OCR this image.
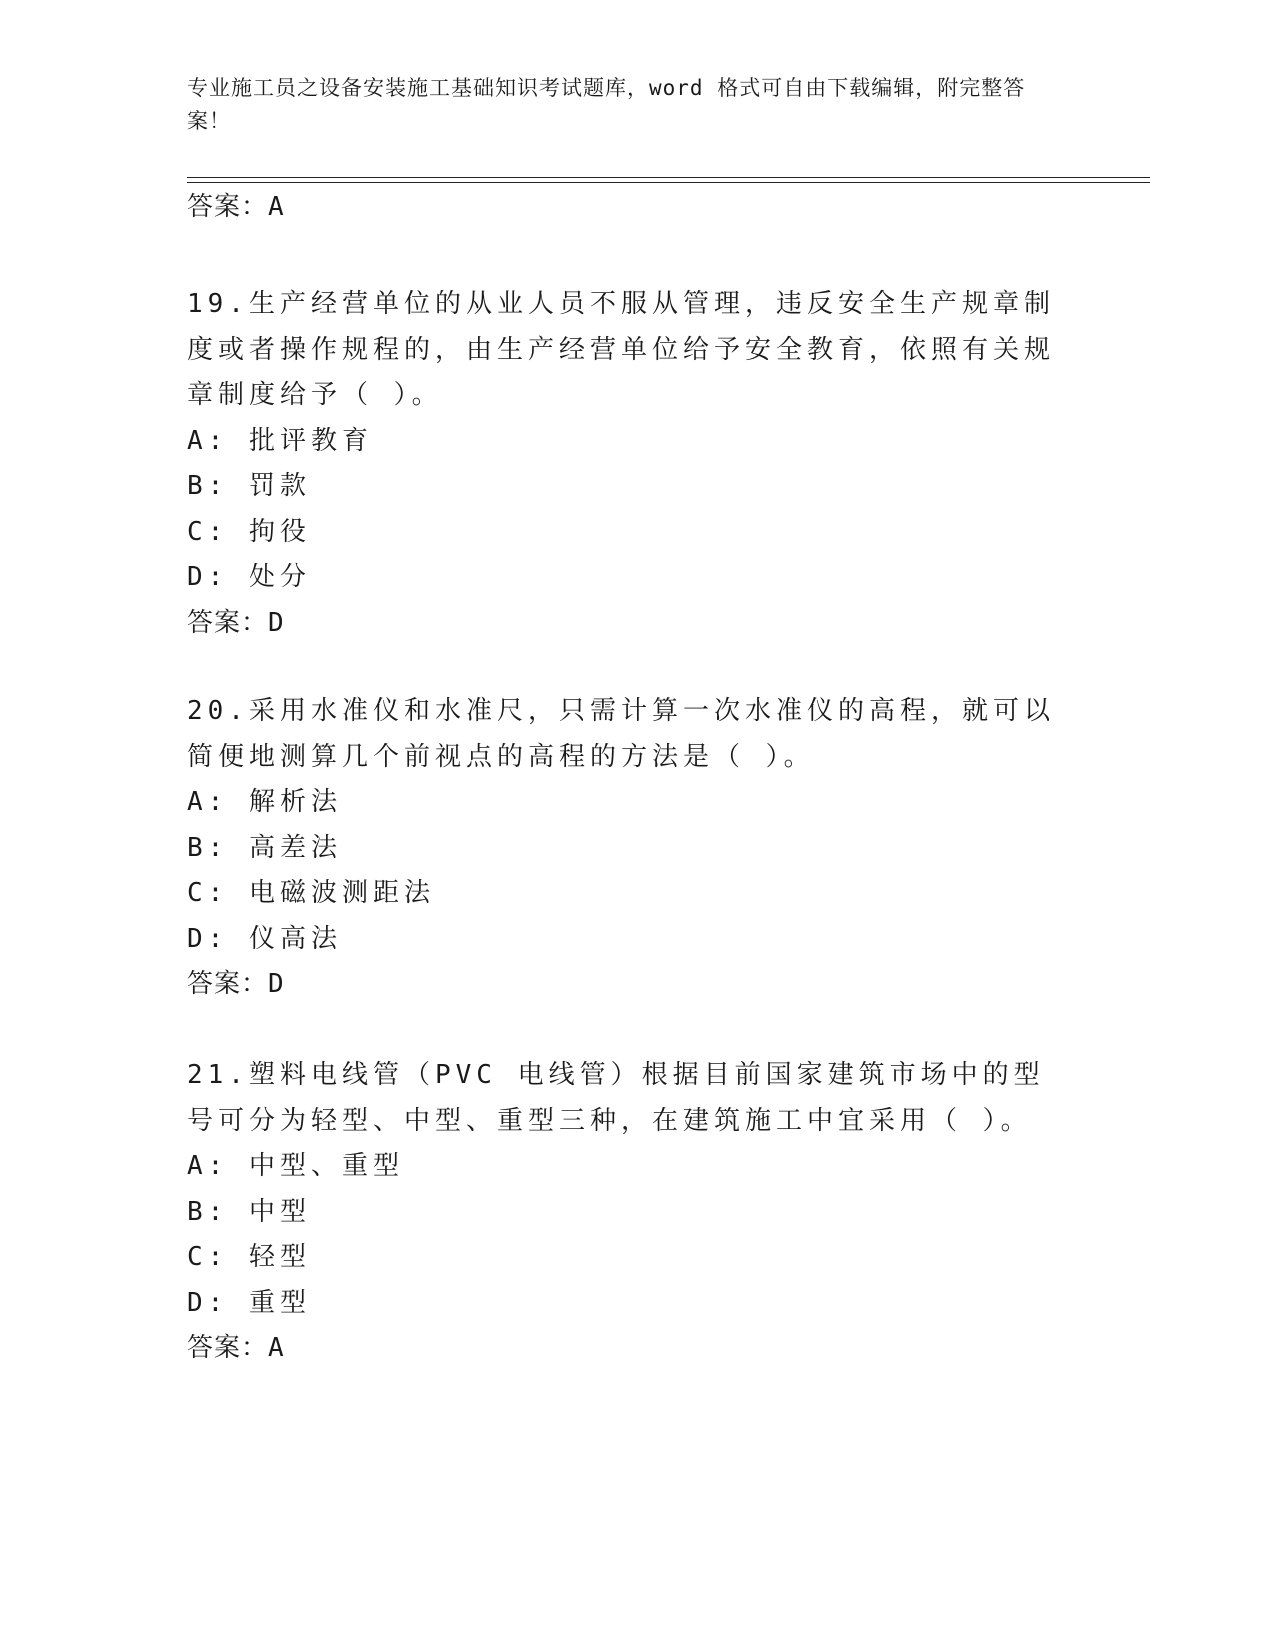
专业施工员之设备安装施工基础知识考试题库，word 格式可自由下载编辑，附完整答案！
答案：A
19.生产经营单位的从业人员不服从管理，违反安全生产规章制度或者操作规程的，由生产经营单位给予安全教育，依照有关规章制度给予（ ）。
A: 批评教育
B: 罚款
C: 拘役
D: 处分
答案：D
20.采用水准仪和水准尺，只需计算一次水准仪的高程，就可以简便地测算几个前视点的高程的方法是（ ）。
A: 解析法
B: 高差法
C: 电磁波测距法
D: 仪高法
答案：D
21.塑料电线管（PVC 电线管）根据目前国家建筑市场中的型号可分为轻型、中型、重型三种，在建筑施工中宜采用（ ）。
A: 中型、重型
B: 中型
C: 轻型
D: 重型
答案：A
